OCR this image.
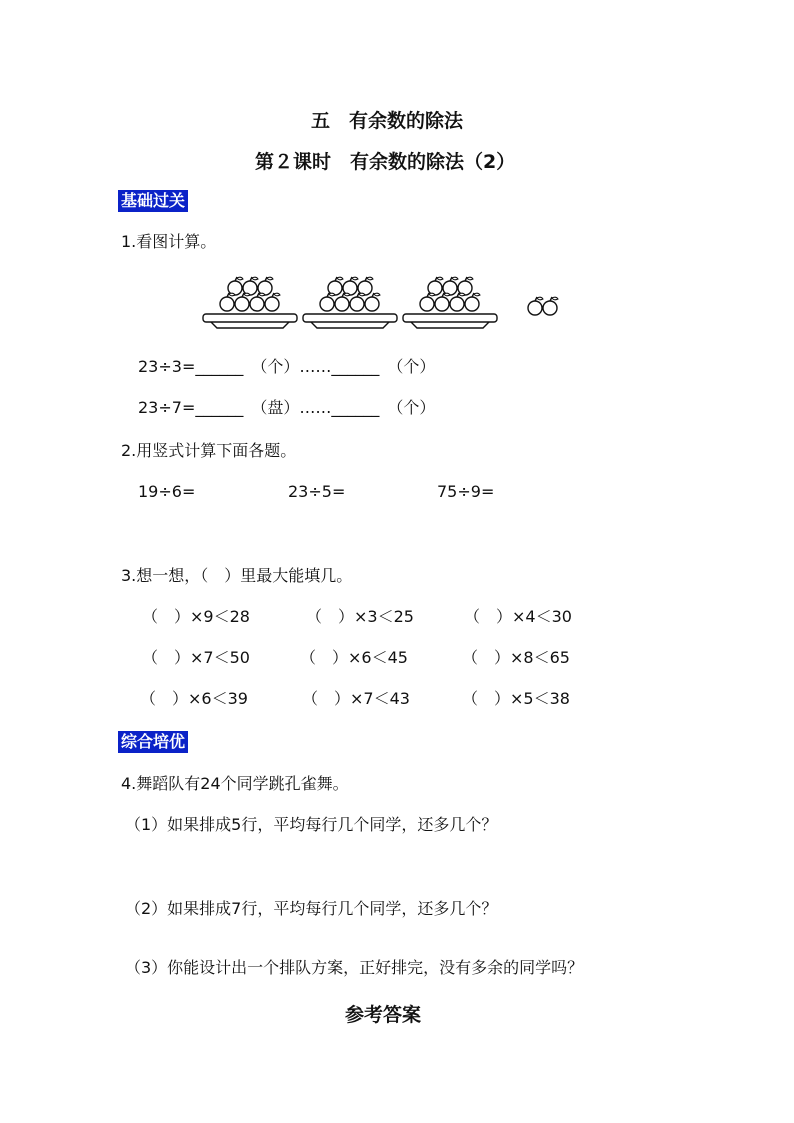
五　有余数的除法
第２课时　有余数的除法（2）
基础过关
1.看图计算。
23÷3=______　（个）……______　（个）
23÷7=______　（盘）……______　（个）
2.用竖式计算下面各题。
19÷6=	23÷5=	75÷9=
3.想一想，（　）里最大能填几。
（　）×9＜28	（　）×3＜25	（　）×4＜30
（　）×7＜50	（　）×6＜45	（　）×8＜65
（　）×6＜39	（　）×7＜43	（　）×5＜38
综合培优
4.舞蹈队有24个同学跳孔雀舞。
（1）如果排成5行，平均每行几个同学，还多几个？
（2）如果排成7行，平均每行几个同学，还多几个？
（3）你能设计出一个排队方案，正好排完，没有多余的同学吗？
参考答案
